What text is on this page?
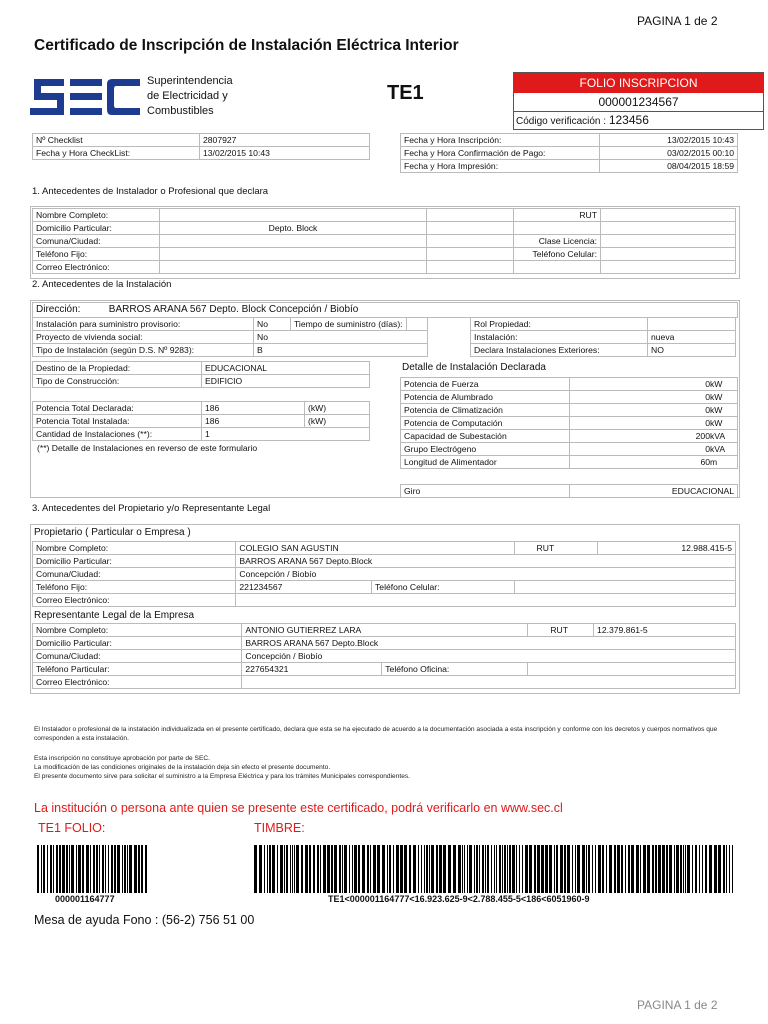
PAGINA 1 de 2
Certificado de Inscripción de Instalación Eléctrica Interior
Superintendencia
de Electricidad y
Combustibles
TE1	FOLIO INSCRIPCION
000001234567
Código verificación : 123456
Nº Checklist	2807927
Fecha y Hora CheckList:	13/02/2015 10:43
Fecha y Hora Inscripción:	13/02/2015 10:43
Fecha y Hora Confirmación de Pago:	03/02/2015 00:10
Fecha y Hora Impresión:	08/04/2015 18:59
1. Antecedentes de Instalador o Profesional que declara
Nombre Completo:			RUT	
Domicilio Particular:	Depto. Block			
Comuna/Ciudad:			Clase Licencia:	
Teléfono Fijo:			Teléfono Celular:	
Correo Electrónico:				
2. Antecedentes de la Instalación
Dirección:	BARROS ARANA 567 Depto. Block Concepción / Biobío
Instalación para suministro provisorio:	No	Tiempo de suministro (días):	
Proyecto de vivienda social:	No		
Tipo de Instalación (según D.S. Nº 9283):	B		
Rol Propiedad:	
Instalación:	nueva
Declara Instalaciones Exteriores:	NO
Destino de la Propiedad:	EDUCACIONAL
Tipo de Construcción:	EDIFICIO
Potencia Total Declarada:	186	(kW)
Potencia Total Instalada:	186	(kW)
Cantidad de Instalaciones (**):	1	
(**) Detalle de Instalaciones en reverso de este formulario
Detalle de Instalación Declarada
Potencia de Fuerza	0kW
Potencia de Alumbrado	0kW
Potencia de Climatización	0kW
Potencia de Computación	0kW
Capacidad de Subestación	200kVA
Grupo Electrógeno	0kVA
Longitud de Alimentador	60m
Giro	EDUCACIONAL
3. Antecedentes del Propietario y/o Representante Legal
Propietario ( Particular o Empresa )
Nombre Completo:	COLEGIO SAN AGUSTIN		RUT	12.988.415-5
Domicilio Particular:	BARROS ARANA 567 Depto.Block			
Comuna/Ciudad:	Concepción / Biobío			
Teléfono Fijo:	221234567	Teléfono Celular:		
Correo Electrónico:				
Representante Legal de la Empresa
Nombre Completo:	ANTONIO GUTIERREZ LARA		RUT	12.379.861-5
Domicilio Particular:	BARROS ARANA 567 Depto.Block			
Comuna/Ciudad:	Concepción / Biobío			
Teléfono Particular:	227654321	Teléfono Oficina:		
Correo Electrónico:				
El Instalador o profesional de la instalación individualizada en el presente certificado, declara que esta se ha ejecutado de acuerdo a la documentación asociada a esta inscripción y conforme con los decretos y cuerpos normativos que corresponden a esta instalación.
Esta inscripción no constituye aprobación por parte de SEC.
La modificación de las condiciones originales de la instalación deja sin efecto el presente documento.
El presente documento sirve para solicitar el suministro a la Empresa Eléctrica y para los trámites Municipales correspondientes.
La institución o persona ante quien se presente este certificado, podrá verificarlo en www.sec.cl
TE1 FOLIO:	TIMBRE:
000001164777	TE1<000001164777<16.923.625-9<2.788.455-5<186<6051960-9
Mesa de ayuda Fono : (56-2) 756 51 00
PAGINA 1 de 2
